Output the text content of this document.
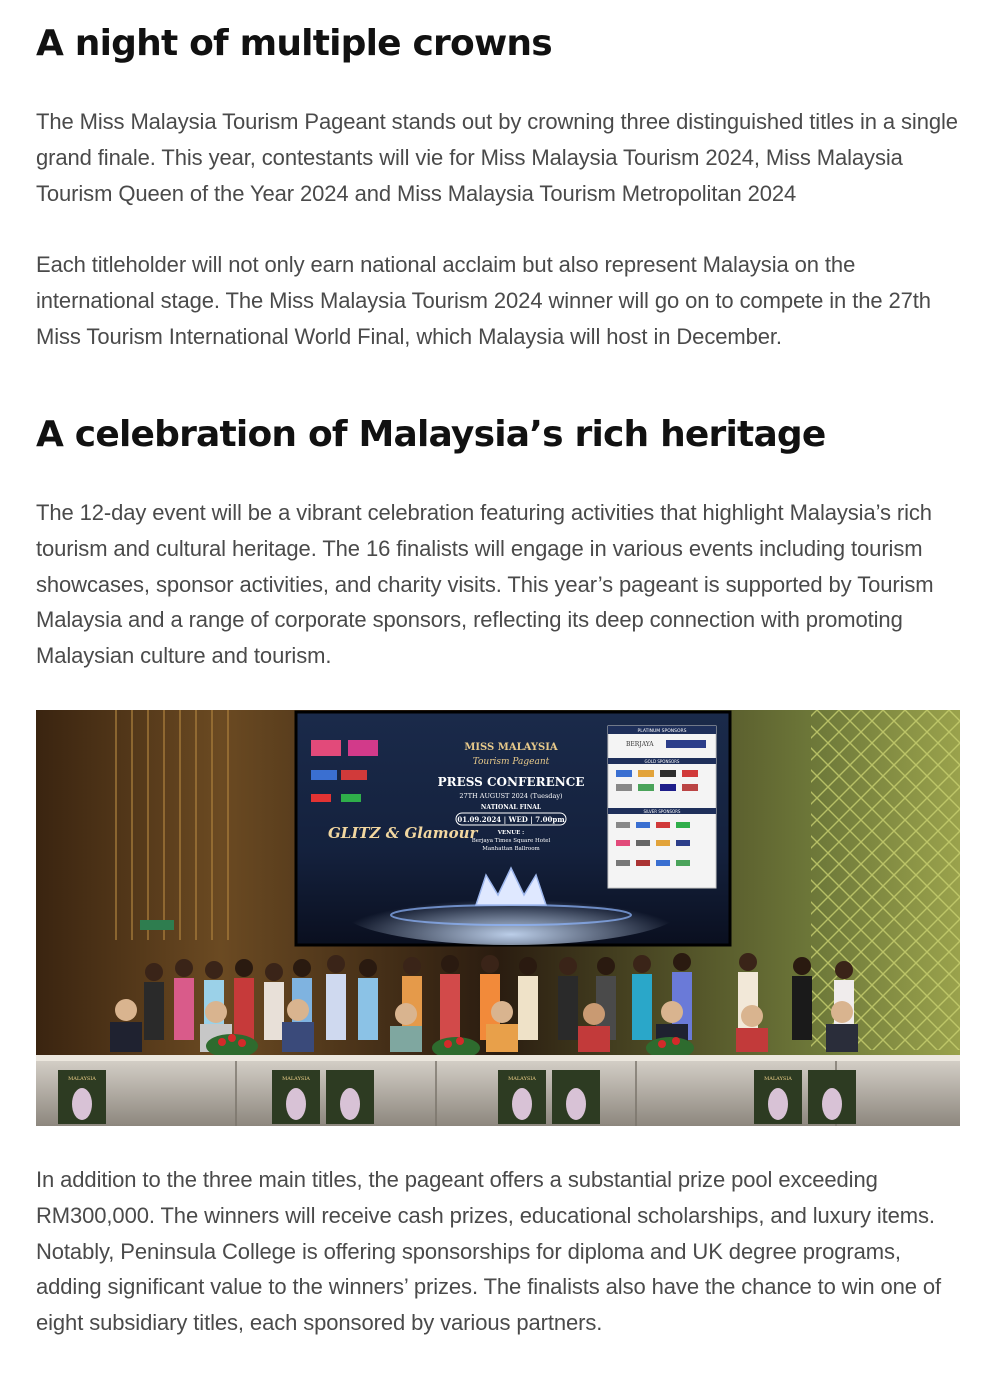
A night of multiple crowns

The Miss Malaysia Tourism Pageant stands out by crowning three distinguished titles in a single grand finale. This year, contestants will vie for Miss Malaysia Tourism 2024, Miss Malaysia Tourism Queen of the Year 2024 and Miss Malaysia Tourism Metropolitan 2024

Each titleholder will not only earn national acclaim but also represent Malaysia on the international stage. The Miss Malaysia Tourism 2024 winner will go on to compete in the 27th Miss Tourism International World Final, which Malaysia will host in December.

A celebration of Malaysia’s rich heritage

The 12-day event will be a vibrant celebration featuring activities that highlight Malaysia’s rich tourism and cultural heritage. The 16 finalists will engage in various events including tourism showcases, sponsor activities, and charity visits. This year’s pageant is supported by Tourism Malaysia and a range of corporate sponsors, reflecting its deep connection with promoting Malaysian culture and tourism.

GLITZ & Glamour
MISS MALAYSIA
Tourism Pageant
PRESS CONFERENCE
27TH AUGUST 2024 (Tuesday)
NATIONAL FINAL
01.09.2024 | WED | 7.00pm
VENUE :
Berjaya Times Square Hotel
Manhattan Ballroom
PLATINUM SPONSORS
BERJAYA
GOLD SPONSORS
SILVER SPONSORS
MALAYSIA	MALAYSIA	MALAYSIA	MALAYSIA

In addition to the three main titles, the pageant offers a substantial prize pool exceeding RM300,000. The winners will receive cash prizes, educational scholarships, and luxury items. Notably, Peninsula College is offering sponsorships for diploma and UK degree programs, adding significant value to the winners’ prizes. The finalists also have the chance to win one of eight subsidiary titles, each sponsored by various partners.
